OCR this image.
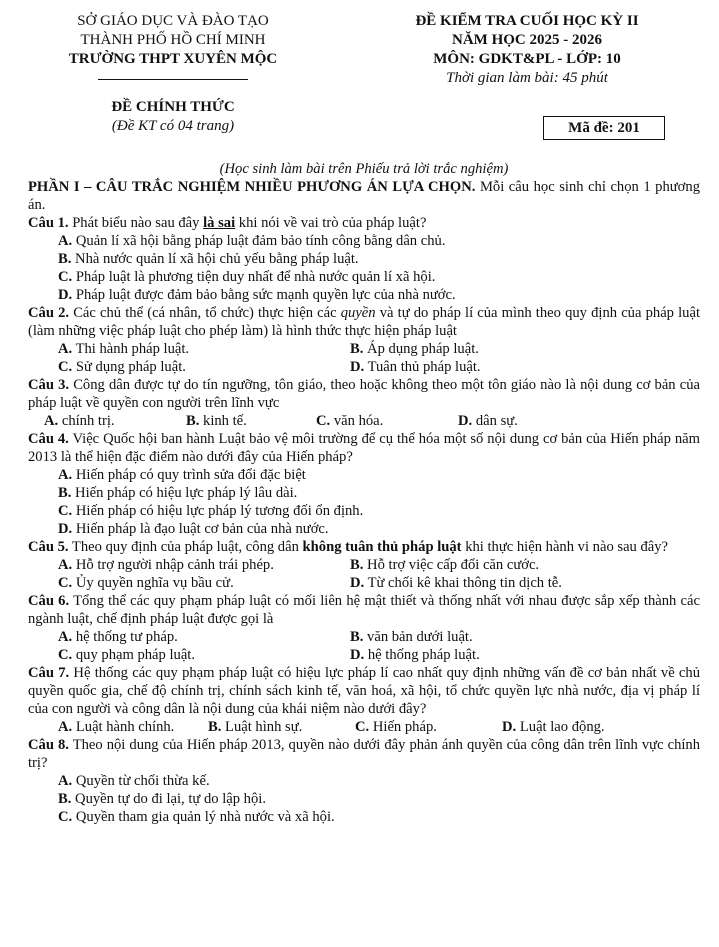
SỞ GIÁO DỤC VÀ ĐÀO TẠO
THÀNH PHỐ HỒ CHÍ MINH
TRƯỜNG THPT XUYÊN MỘC
ĐỀ KIỂM TRA CUỐI HỌC KỲ II
NĂM HỌC 2025 - 2026
MÔN: GDKT&PL - LỚP: 10
Thời gian làm bài: 45 phút
ĐỀ CHÍNH THỨC
(Đề KT có 04 trang)	Mã đề: 201
(Học sinh làm bài trên Phiếu trả lời trắc nghiệm)

PHẦN I – CÂU TRẮC NGHIỆM NHIỀU PHƯƠNG ÁN LỰA CHỌN. Mỗi câu học sinh chỉ chọn 1 phương án.

Câu 1. Phát biểu nào sau đây là sai khi nói về vai trò của pháp luật?

A. Quản lí xã hội bằng pháp luật đảm bảo tính công bằng dân chủ.
B. Nhà nước quản lí xã hội chủ yếu bằng pháp luật.
C. Pháp luật là phương tiện duy nhất để nhà nước quản lí xã hội.
D. Pháp luật được đảm bảo bằng sức mạnh quyền lực của nhà nước.

Câu 2. Các chủ thể (cá nhân, tổ chức) thực hiện các quyền và tự do pháp lí của mình theo quy định của pháp luật (làm những việc pháp luật cho phép làm) là hình thức thực hiện pháp luật

A. Thi hành pháp luật.	B. Áp dụng pháp luật.
C. Sử dụng pháp luật.	D. Tuân thủ pháp luật.

Câu 3. Công dân được tự do tín ngưỡng, tôn giáo, theo hoặc không theo một tôn giáo nào là nội dung cơ bản của pháp luật về quyền con người trên lĩnh vực

A. chính trị.	B. kinh tế.	C. văn hóa.	D. dân sự.

Câu 4. Việc Quốc hội ban hành Luật bảo vệ môi trường để cụ thể hóa một số nội dung cơ bản của Hiến pháp năm 2013 là thể hiện đặc điểm nào dưới đây của Hiến pháp?

A. Hiến pháp có quy trình sửa đổi đặc biệt
B. Hiến pháp có hiệu lực pháp lý lâu dài.
C. Hiến pháp có hiệu lực pháp lý tương đối ổn định.
D. Hiến pháp là đạo luật cơ bản của nhà nước.

Câu 5. Theo quy định của pháp luật, công dân không tuân thủ pháp luật khi thực hiện hành vi nào sau đây?

A. Hỗ trợ người nhập cảnh trái phép.	B. Hỗ trợ việc cấp đổi căn cước.
C. Ủy quyền nghĩa vụ bầu cử.	D. Từ chối kê khai thông tin dịch tễ.

Câu 6. Tổng thể các quy phạm pháp luật có mối liên hệ mật thiết và thống nhất với nhau được sắp xếp thành các ngành luật, chế định pháp luật được gọi là

A. hệ thống tư pháp.	B. văn bản dưới luật.
C. quy phạm pháp luật.	D. hệ thống pháp luật.

Câu 7. Hệ thống các quy phạm pháp luật có hiệu lực pháp lí cao nhất quy định những vấn đề cơ bản nhất về chủ quyền quốc gia, chế độ chính trị, chính sách kinh tế, văn hoá, xã hội, tổ chức quyền lực nhà nước, địa vị pháp lí của con người và công dân là nội dung của khái niệm nào dưới đây?

A. Luật hành chính.	B. Luật hình sự.	C. Hiến pháp.	D. Luật lao động.

Câu 8. Theo nội dung của Hiến pháp 2013, quyền nào dưới đây phản ánh quyền của công dân trên lĩnh vực chính trị?

A. Quyền từ chối thừa kế.
B. Quyền tự do đi lại, tự do lập hội.
C. Quyền tham gia quản lý nhà nước và xã hội.
